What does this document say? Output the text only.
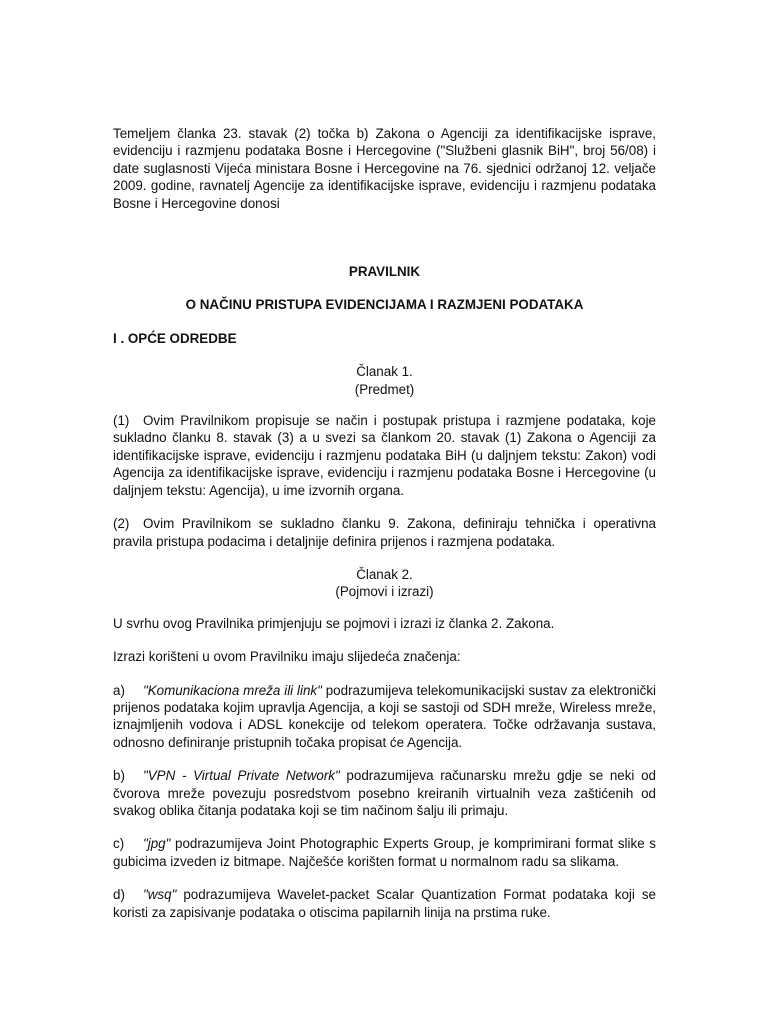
Temeljem članka 23. stavak (2) točka b) Zakona o Agenciji za identifikacijske isprave, evidenciju i razmjenu podataka Bosne i Hercegovine ("Službeni glasnik BiH", broj 56/08) i date suglasnosti Vijeća ministara Bosne i Hercegovine na 76. sjednici održanoj 12. veljače 2009. godine, ravnatelj Agencije za identifikacijske isprave, evidenciju i razmjenu podataka Bosne i Hercegovine donosi

PRAVILNIK

O NAČINU PRISTUPA EVIDENCIJAMA I RAZMJENI PODATAKA

I . OPĆE ODREDBE

Članak 1.
(Predmet)

(1) Ovim Pravilnikom propisuje se način i postupak pristupa i razmjene podataka, koje sukladno članku 8. stavak (3) a u svezi sa člankom 20. stavak (1) Zakona o Agenciji za identifikacijske isprave, evidenciju i razmjenu podataka BiH (u daljnjem tekstu: Zakon) vodi Agencija za identifikacijske isprave, evidenciju i razmjenu podataka Bosne i Hercegovine (u daljnjem tekstu: Agencija), u ime izvornih organa.

(2) Ovim Pravilnikom se sukladno članku 9. Zakona, definiraju tehnička i operativna pravila pristupa podacima i detaljnije definira prijenos i razmjena podataka.

Članak 2.
(Pojmovi i izrazi)

U svrhu ovog Pravilnika primjenjuju se pojmovi i izrazi iz članka 2. Zakona.

Izrazi korišteni u ovom Pravilniku imaju slijedeća značenja:

a) "Komunikaciona mreža ili link" podrazumijeva telekomunikacijski sustav za elektronički prijenos podataka kojim upravlja Agencija, a koji se sastoji od SDH mreže, Wireless mreže, iznajmljenih vodova i ADSL konekcije od telekom operatera. Točke održavanja sustava, odnosno definiranje pristupnih točaka propisat će Agencija.

b) "VPN - Virtual Private Network" podrazumijeva računarsku mrežu gdje se neki od čvorova mreže povezuju posredstvom posebno kreiranih virtualnih veza zaštićenih od svakog oblika čitanja podataka koji se tim načinom šalju ili primaju.

c) "jpg" podrazumijeva Joint Photographic Experts Group, je komprimirani format slike s gubicima izveden iz bitmape. Najčešće korišten format u normalnom radu sa slikama.

d) "wsq" podrazumijeva Wavelet-packet Scalar Quantization Format podataka koji se koristi za zapisivanje podataka o otiscima papilarnih linija na prstima ruke.
